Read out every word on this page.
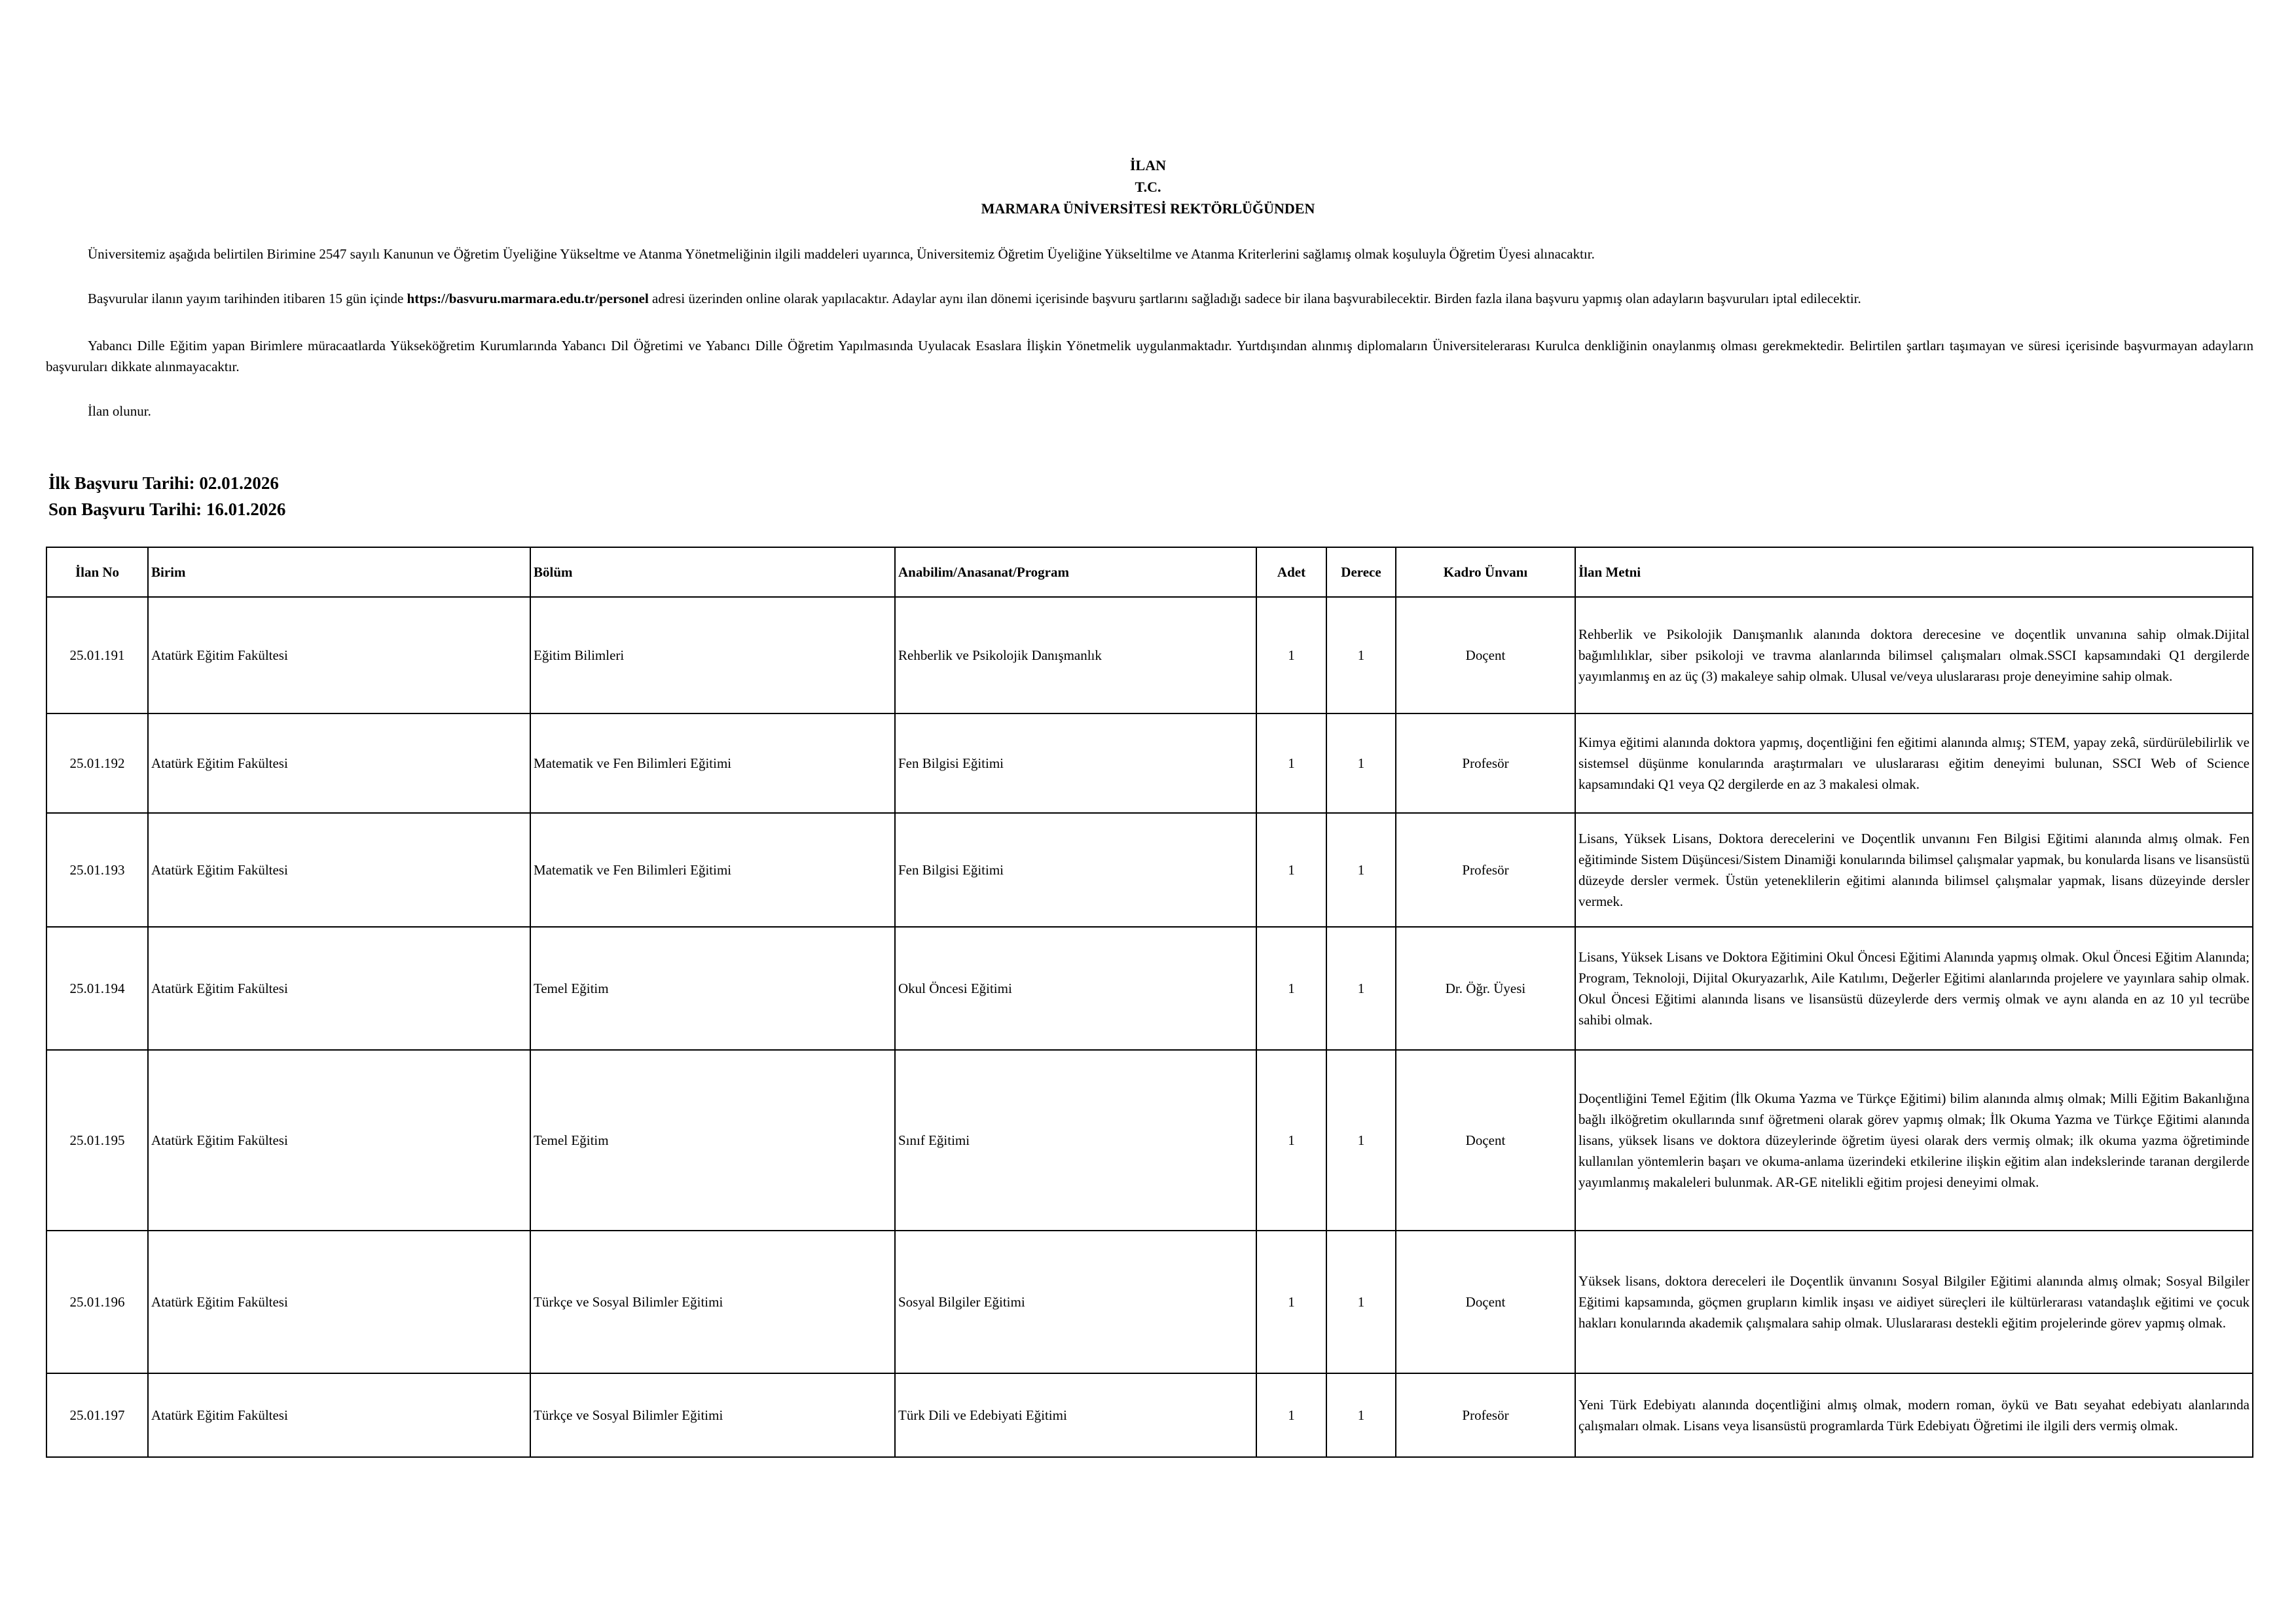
İLAN
T.C.
MARMARA ÜNİVERSİTESİ REKTÖRLÜĞÜNDEN
Üniversitemiz aşağıda belirtilen Birimine 2547 sayılı Kanunun ve Öğretim Üyeliğine Yükseltme ve Atanma Yönetmeliğinin ilgili maddeleri uyarınca, Üniversitemiz Öğretim Üyeliğine Yükseltilme ve Atanma Kriterlerini sağlamış olmak koşuluyla Öğretim Üyesi alınacaktır.
Başvurular ilanın yayım tarihinden itibaren 15 gün içinde https://basvuru.marmara.edu.tr/personel adresi üzerinden online olarak yapılacaktır. Adaylar aynı ilan dönemi içerisinde başvuru şartlarını sağladığı sadece bir ilana başvurabilecektir. Birden fazla ilana başvuru yapmış olan adayların başvuruları iptal edilecektir.
Yabancı Dille Eğitim yapan Birimlere müracaatlarda Yükseköğretim Kurumlarında Yabancı Dil Öğretimi ve Yabancı Dille Öğretim Yapılmasında Uyulacak Esaslara İlişkin Yönetmelik uygulanmaktadır. Yurtdışından alınmış diplomaların Üniversitelerarası Kurulca denkliğinin onaylanmış olması gerekmektedir. Belirtilen şartları taşımayan ve süresi içerisinde başvurmayan adayların başvuruları dikkate alınmayacaktır.
İlan olunur.
İlk Başvuru Tarihi: 02.01.2026
Son Başvuru Tarihi: 16.01.2026
İlan No	Birim	Bölüm	Anabilim/Anasanat/Program	Adet	Derece	Kadro Ünvanı	İlan Metni
25.01.191	Atatürk Eğitim Fakültesi	Eğitim Bilimleri	Rehberlik ve Psikolojik Danışmanlık	1	1	Doçent	Rehberlik ve Psikolojik Danışmanlık alanında doktora derecesine ve doçentlik unvanına sahip olmak.Dijital bağımlılıklar, siber psikoloji ve travma alanlarında bilimsel çalışmaları olmak.SSCI kapsamındaki Q1 dergilerde yayımlanmış en az üç (3) makaleye sahip olmak. Ulusal ve/veya uluslararası proje deneyimine sahip olmak.
25.01.192	Atatürk Eğitim Fakültesi	Matematik ve Fen Bilimleri Eğitimi	Fen Bilgisi Eğitimi	1	1	Profesör	Kimya eğitimi alanında doktora yapmış, doçentliğini fen eğitimi alanında almış; STEM, yapay zekâ, sürdürülebilirlik ve sistemsel düşünme konularında araştırmaları ve uluslararası eğitim deneyimi bulunan, SSCI Web of Science kapsamındaki Q1 veya Q2 dergilerde en az 3 makalesi olmak.
25.01.193	Atatürk Eğitim Fakültesi	Matematik ve Fen Bilimleri Eğitimi	Fen Bilgisi Eğitimi	1	1	Profesör	Lisans, Yüksek Lisans, Doktora derecelerini ve Doçentlik unvanını Fen Bilgisi Eğitimi alanında almış olmak. Fen eğitiminde Sistem Düşüncesi/Sistem Dinamiği konularında bilimsel çalışmalar yapmak, bu konularda lisans ve lisansüstü düzeyde dersler vermek. Üstün yeteneklilerin eğitimi alanında bilimsel çalışmalar yapmak, lisans düzeyinde dersler vermek.
25.01.194	Atatürk Eğitim Fakültesi	Temel Eğitim	Okul Öncesi Eğitimi	1	1	Dr. Öğr. Üyesi	Lisans, Yüksek Lisans ve Doktora Eğitimini Okul Öncesi Eğitimi Alanında yapmış olmak. Okul Öncesi Eğitim Alanında; Program, Teknoloji, Dijital Okuryazarlık, Aile Katılımı, Değerler Eğitimi alanlarında projelere ve yayınlara sahip olmak. Okul Öncesi Eğitimi alanında lisans ve lisansüstü düzeylerde ders vermiş olmak ve aynı alanda en az 10 yıl tecrübe sahibi olmak.
25.01.195	Atatürk Eğitim Fakültesi	Temel Eğitim	Sınıf Eğitimi	1	1	Doçent	Doçentliğini Temel Eğitim (İlk Okuma Yazma ve Türkçe Eğitimi) bilim alanında almış olmak; Milli Eğitim Bakanlığına bağlı ilköğretim okullarında sınıf öğretmeni olarak görev yapmış olmak; İlk Okuma Yazma ve Türkçe Eğitimi alanında lisans, yüksek lisans ve doktora düzeylerinde öğretim üyesi olarak ders vermiş olmak; ilk okuma yazma öğretiminde kullanılan yöntemlerin başarı ve okuma-anlama üzerindeki etkilerine ilişkin eğitim alan indekslerinde taranan dergilerde yayımlanmış makaleleri bulunmak. AR-GE nitelikli eğitim projesi deneyimi olmak.
25.01.196	Atatürk Eğitim Fakültesi	Türkçe ve Sosyal Bilimler Eğitimi	Sosyal Bilgiler Eğitimi	1	1	Doçent	Yüksek lisans, doktora dereceleri ile Doçentlik ünvanını Sosyal Bilgiler Eğitimi alanında almış olmak; Sosyal Bilgiler Eğitimi kapsamında, göçmen grupların kimlik inşası ve aidiyet süreçleri ile kültürlerarası vatandaşlık eğitimi ve çocuk hakları konularında akademik çalışmalara sahip olmak. Uluslararası destekli eğitim projelerinde görev yapmış olmak.
25.01.197	Atatürk Eğitim Fakültesi	Türkçe ve Sosyal Bilimler Eğitimi	Türk Dili ve Edebiyati Eğitimi	1	1	Profesör	Yeni Türk Edebiyatı alanında doçentliğini almış olmak, modern roman, öykü ve Batı seyahat edebiyatı alanlarında çalışmaları olmak. Lisans veya lisansüstü programlarda Türk Edebiyatı Öğretimi ile ilgili ders vermiş olmak.
